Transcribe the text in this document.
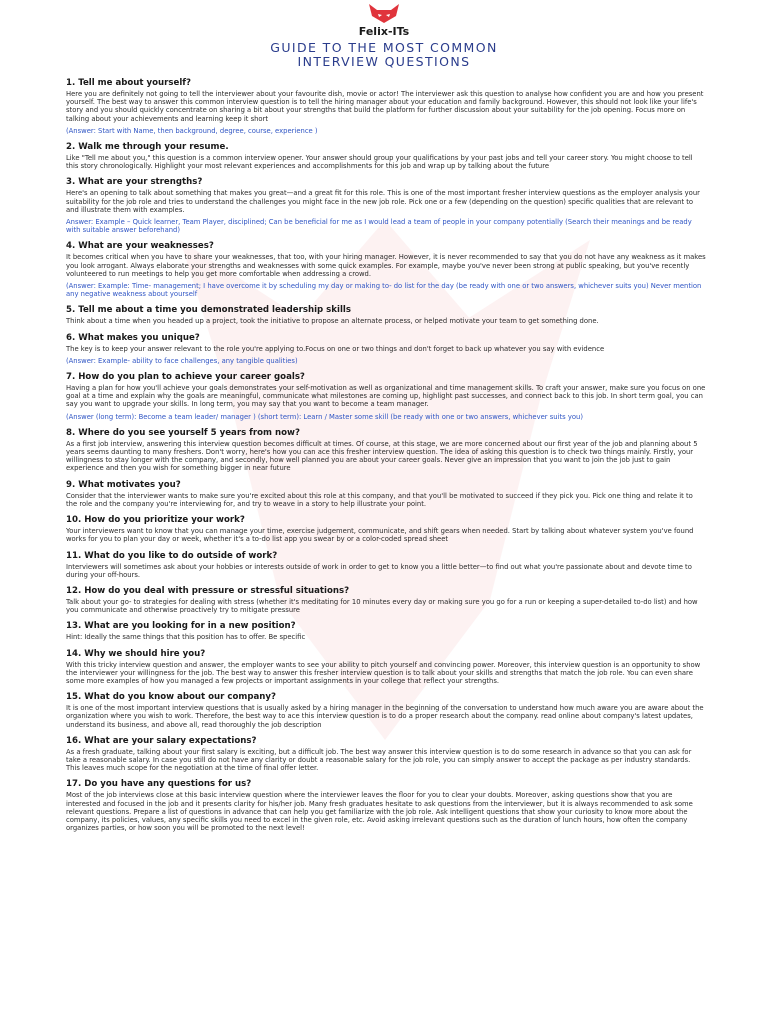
Felix-ITs
GUIDE TO THE MOST COMMON
INTERVIEW QUESTIONS

1. Tell me about yourself?

Here you are definitely not going to tell the interviewer about your favourite dish, movie or actor! The interviewer ask this question to analyse how confident you are and how you present yourself. The best way to answer this common interview question is to tell the hiring manager about your education and family background. However, this should not look like your life's story and you should quickly concentrate on sharing a bit about your strengths that build the platform for further discussion about your suitability for the job opening. Focus more on talking about your achievements and learning keep it short

(Answer: Start with Name, then background, degree, course, experience )

2. Walk me through your resume.

Like "Tell me about you," this question is a common interview opener. Your answer should group your qualifications by your past jobs and tell your career story. You might choose to tell this story chronologically. Highlight your most relevant experiences and accomplishments for this job and wrap up by talking about the future

3. What are your strengths?

Here's an opening to talk about something that makes you great—and a great fit for this role. This is one of the most important fresher interview questions as the employer analysis your suitability for the job role and tries to understand the challenges you might face in the new job role. Pick one or a few (depending on the question) specific qualities that are relevant to and illustrate them with examples.

Answer: Example – Quick learner, Team Player, disciplined; Can be beneficial for me as I would lead a team of people in your company potentially (Search their meanings and be ready with suitable answer beforehand)

4. What are your weaknesses?

It becomes critical when you have to share your weaknesses, that too, with your hiring manager. However, it is never recommended to say that you do not have any weakness as it makes you look arrogant. Always elaborate your strengths and weaknesses with some quick examples. For example, maybe you've never been strong at public speaking, but you've recently volunteered to run meetings to help you get more comfortable when addressing a crowd.

(Answer: Example: Time- management; I have overcome it by scheduling my day or making to- do list for the day (be ready with one or two answers, whichever suits you) Never mention any negative weakness about yourself

5. Tell me about a time you demonstrated leadership skills

Think about a time when you headed up a project, took the initiative to propose an alternate process, or helped motivate your team to get something done.

6. What makes you unique?

The key is to keep your answer relevant to the role you're applying to.Focus on one or two things and don't forget to back up whatever you say with evidence

(Answer: Example- ability to face challenges, any tangible qualities)

7. How do you plan to achieve your career goals?

Having a plan for how you'll achieve your goals demonstrates your self-motivation as well as organizational and time management skills. To craft your answer, make sure you focus on one goal at a time and explain why the goals are meaningful, communicate what milestones are coming up, highlight past successes, and connect back to this job. In short term goal, you can say you want to upgrade your skills. In long term, you may say that you want to become a team manager.

(Answer (long term): Become a team leader/ manager ) (short term): Learn / Master some skill (be ready with one or two answers, whichever suits you)

8. Where do you see yourself 5 years from now?

As a first job interview, answering this interview question becomes difficult at times. Of course, at this stage, we are more concerned about our first year of the job and planning about 5 years seems daunting to many freshers. Don't worry, here's how you can ace this fresher interview question. The idea of asking this question is to check two things mainly. Firstly, your willingness to stay longer with the company, and secondly, how well planned you are about your career goals. Never give an impression that you want to join the job just to gain experience and then you wish for something bigger in near future

9. What motivates you?

Consider that the interviewer wants to make sure you're excited about this role at this company, and that you'll be motivated to succeed if they pick you. Pick one thing and relate it to the role and the company you're interviewing for, and try to weave in a story to help illustrate your point.

10. How do you prioritize your work?

Your interviewers want to know that you can manage your time, exercise judgement, communicate, and shift gears when needed. Start by talking about whatever system you've found works for you to plan your day or week, whether it's a to-do list app you swear by or a color-coded spread sheet

11. What do you like to do outside of work?

Interviewers will sometimes ask about your hobbies or interests outside of work in order to get to know you a little better—to find out what you're passionate about and devote time to during your off-hours.

12. How do you deal with pressure or stressful situations?

Talk about your go- to strategies for dealing with stress (whether it's meditating for 10 minutes every day or making sure you go for a run or keeping a super-detailed to-do list) and how you communicate and otherwise proactively try to mitigate pressure

13. What are you looking for in a new position?

Hint: Ideally the same things that this position has to offer. Be specific

14. Why we should hire you?

With this tricky interview question and answer, the employer wants to see your ability to pitch yourself and convincing power. Moreover, this interview question is an opportunity to show the interviewer your willingness for the job. The best way to answer this fresher interview question is to talk about your skills and strengths that match the job role. You can even share some more examples of how you managed a few projects or important assignments in your college that reflect your strengths.

15. What do you know about our company?

It is one of the most important interview questions that is usually asked by a hiring manager in the beginning of the conversation to understand how much aware you are aware about the organization where you wish to work. Therefore, the best way to ace this interview question is to do a proper research about the company. read online about company's latest updates, understand its business, and above all, read thoroughly the job description

16. What are your salary expectations?

As a fresh graduate, talking about your first salary is exciting, but a difficult job. The best way answer this interview question is to do some research in advance so that you can ask for take a reasonable salary. In case you still do not have any clarity or doubt a reasonable salary for the job role, you can simply answer to accept the package as per industry standards. This leaves much scope for the negotiation at the time of final offer letter.

17. Do you have any questions for us?

Most of the job interviews close at this basic interview question where the interviewer leaves the floor for you to clear your doubts. Moreover, asking questions show that you are interested and focused in the job and it presents clarity for his/her job. Many fresh graduates hesitate to ask questions from the interviewer, but it is always recommended to ask some relevant questions. Prepare a list of questions in advance that can help you get familiarize with the job role. Ask intelligent questions that show your curiosity to know more about the company, its policies, values, any specific skills you need to excel in the given role, etc. Avoid asking irrelevant questions such as the duration of lunch hours, how often the company organizes parties, or how soon you will be promoted to the next level!
